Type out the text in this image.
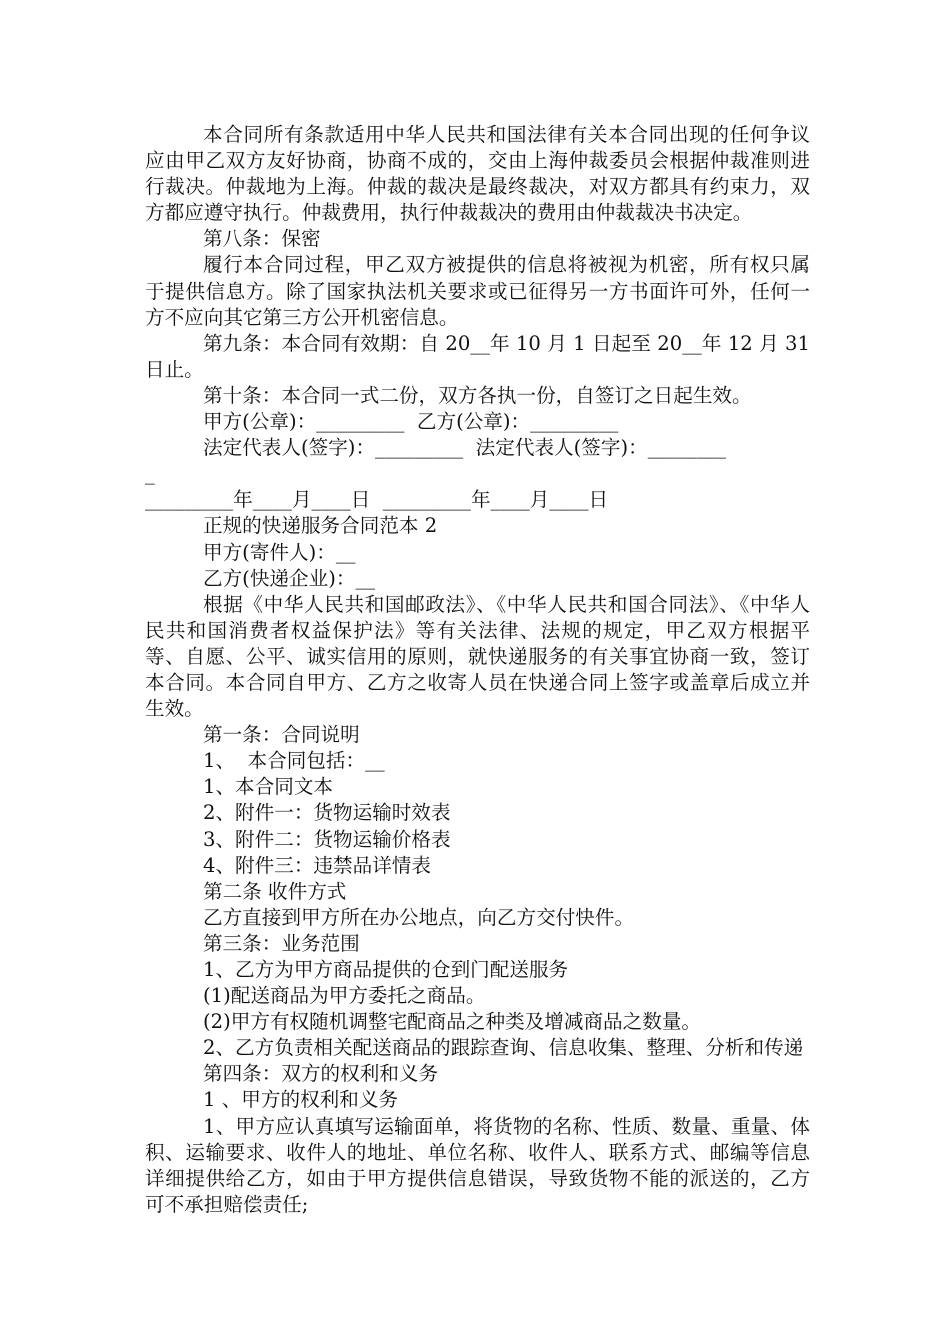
本合同所有条款适用中华人民共和国法律有关本合同出现的任何争议应由甲乙双方友好协商，协商不成的，交由上海仲裁委员会根据仲裁准则进行裁决。仲裁地为上海。仲裁的裁决是最终裁决，对双方都具有约束力，双方都应遵守执行。仲裁费用，执行仲裁裁决的费用由仲裁裁决书决定。

第八条：保密

履行本合同过程，甲乙双方被提供的信息将被视为机密，所有权只属于提供信息方。除了国家执法机关要求或已征得另一方书面许可外，任何一方不应向其它第三方公开机密信息。

第九条：本合同有效期：自 20__年 10 月 1 日起至 20__年 12 月 31 日止。

第十条：本合同一式二份，双方各执一份，自签订之日起生效。

甲方(公章)：_________  乙方(公章)：_________

法定代表人(签字)：_________  法定代表人(签字)：________

_

_________年____月____日  _________年____月____日

正规的快递服务合同范本 2

甲方(寄件人)：__

乙方(快递企业)：__

根据《中华人民共和国邮政法》、《中华人民共和国合同法》、《中华人民共和国消费者权益保护法》等有关法律、法规的规定，甲乙双方根据平等、自愿、公平、诚实信用的原则，就快递服务的有关事宜协商一致，签订本合同。本合同自甲方、乙方之收寄人员在快递合同上签字或盖章后成立并生效。

第一条：合同说明

1、  本合同包括：__

1、本合同文本

2、附件一：货物运输时效表

3、附件二：货物运输价格表

4、附件三：违禁品详情表

第二条 收件方式

乙方直接到甲方所在办公地点，向乙方交付快件。

第三条：业务范围

1、乙方为甲方商品提供的仓到门配送服务

(1)配送商品为甲方委托之商品。

(2)甲方有权随机调整宅配商品之种类及增减商品之数量。

2、乙方负责相关配送商品的跟踪查询、信息收集、整理、分析和传递

第四条：双方的权利和义务

1 、甲方的权利和义务

1、甲方应认真填写运输面单，将货物的名称、性质、数量、重量、体积、运输要求、收件人的地址、单位名称、收件人、联系方式、邮编等信息详细提供给乙方，如由于甲方提供信息错误，导致货物不能的派送的，乙方可不承担赔偿责任;
